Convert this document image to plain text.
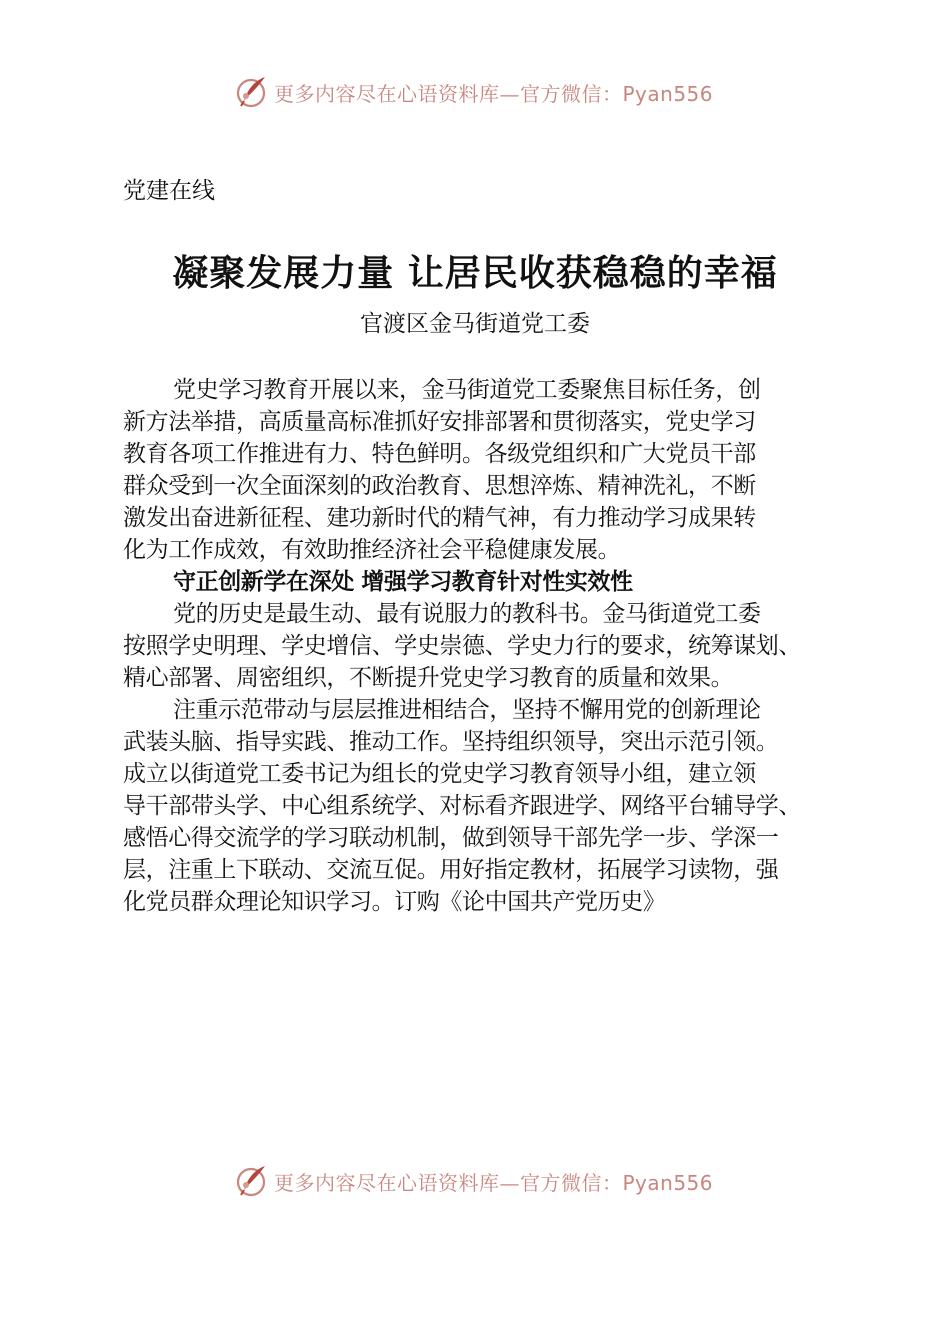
更多内容尽在心语资料库—官方微信：Pyan556
党建在线
凝聚发展力量 让居民收获稳稳的幸福
官渡区金马街道党工委
党史学习教育开展以来，金马街道党工委聚焦目标任务，创
新方法举措，高质量高标准抓好安排部署和贯彻落实，党史学习
教育各项工作推进有力、特色鲜明。各级党组织和广大党员干部
群众受到一次全面深刻的政治教育、思想淬炼、精神洗礼，不断
激发出奋进新征程、建功新时代的精气神，有力推动学习成果转
化为工作成效，有效助推经济社会平稳健康发展。
守正创新学在深处 增强学习教育针对性实效性
党的历史是最生动、最有说服力的教科书。金马街道党工委
按照学史明理、学史增信、学史崇德、学史力行的要求，统筹谋划、
精心部署、周密组织，不断提升党史学习教育的质量和效果。
注重示范带动与层层推进相结合，坚持不懈用党的创新理论
武装头脑、指导实践、推动工作。坚持组织领导，突出示范引领。
成立以街道党工委书记为组长的党史学习教育领导小组，建立领
导干部带头学、中心组系统学、对标看齐跟进学、网络平台辅导学、
感悟心得交流学的学习联动机制，做到领导干部先学一步、学深一
层，注重上下联动、交流互促。用好指定教材，拓展学习读物，强
化党员群众理论知识学习。订购《论中国共产党历史》
更多内容尽在心语资料库—官方微信：Pyan556
